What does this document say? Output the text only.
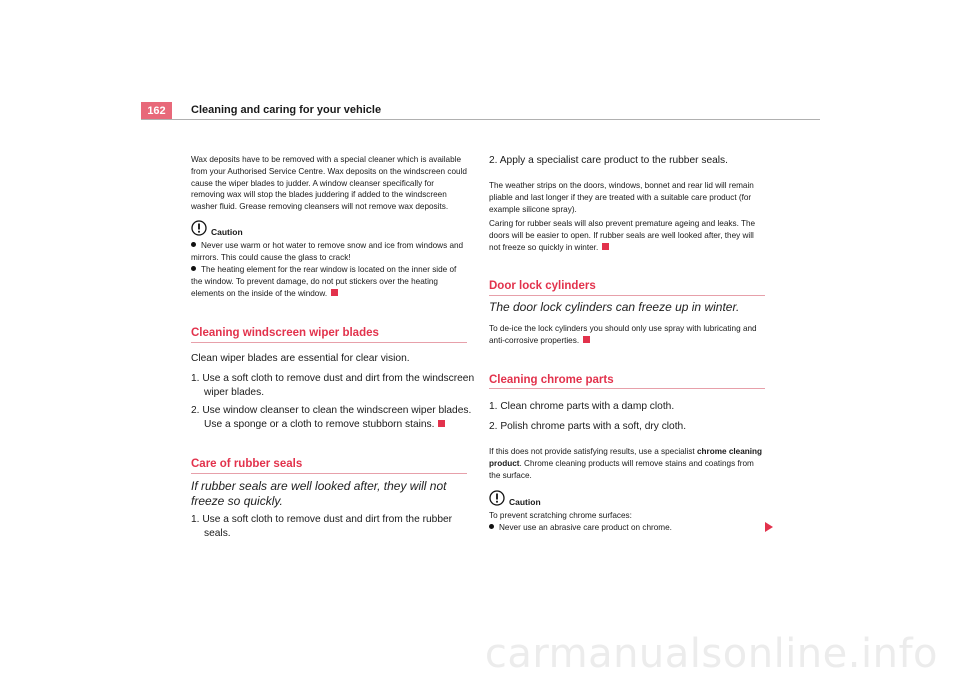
162	Cleaning and caring for your vehicle

Wax deposits have to be removed with a special cleaner which is available from your Authorised Service Centre. Wax deposits on the windscreen could cause the wiper blades to judder. A window cleanser specifically for removing wax will stop the blades juddering if added to the windscreen washer fluid. Grease removing cleansers will not remove wax deposits.

Caution

Never use warm or hot water to remove snow and ice from windows and mirrors. This could cause the glass to crack!

The heating element for the rear window is located on the inner side of the window. To prevent damage, do not put stickers over the heating elements on the inside of the window.

Cleaning windscreen wiper blades

Clean wiper blades are essential for clear vision.

1. Use a soft cloth to remove dust and dirt from the windscreen wiper blades.

2. Use window cleanser to clean the windscreen wiper blades. Use a sponge or a cloth to remove stubborn stains.

Care of rubber seals

If rubber seals are well looked after, they will not freeze so quickly.

1. Use a soft cloth to remove dust and dirt from the rubber seals.

2. Apply a specialist care product to the rubber seals.

The weather strips on the doors, windows, bonnet and rear lid will remain pliable and last longer if they are treated with a suitable care product (for example silicone spray).

Caring for rubber seals will also prevent premature ageing and leaks. The doors will be easier to open. If rubber seals are well looked after, they will not freeze so quickly in winter.

Door lock cylinders

The door lock cylinders can freeze up in winter.

To de-ice the lock cylinders you should only use spray with lubricating and anti-corrosive properties.

Cleaning chrome parts

1. Clean chrome parts with a damp cloth.

2. Polish chrome parts with a soft, dry cloth.

If this does not provide satisfying results, use a specialist chrome cleaning product. Chrome cleaning products will remove stains and coatings from the surface.

Caution

To prevent scratching chrome surfaces:

Never use an abrasive care product on chrome.

carmanualsonline.info
